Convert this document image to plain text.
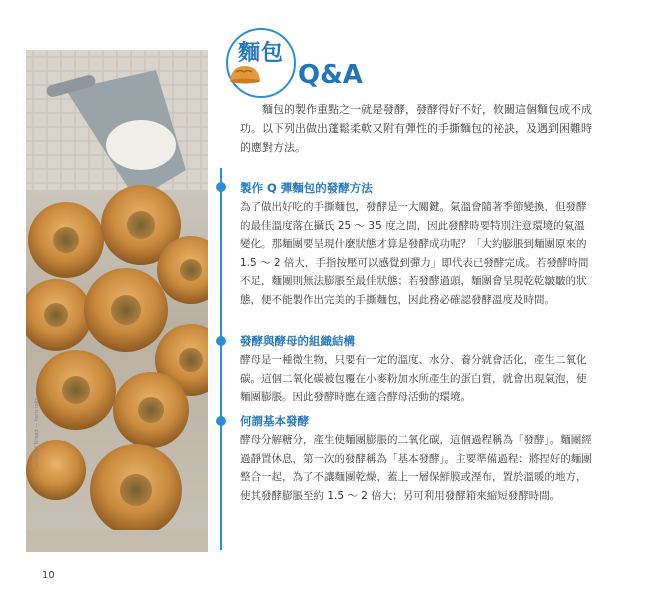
Pull-Apart Bread — herb rolls
麵包
Q&A

麵包的製作重點之一就是發酵，發酵得好不好，攸關這個麵包成不成功。以下列出做出蓬鬆柔軟又附有彈性的手撕麵包的祕訣，及遇到困難時的應對方法。

製作 Q 彈麵包的發酵方法

為了做出好吃的手撕麵包，發酵是一大關鍵。氣溫會隨著季節變換，但發酵的最佳溫度落在攝氏 25 ～ 35 度之間，因此發酵時要特別注意環境的氣溫變化。那麵團要呈現什麼狀態才算是發酵成功呢？「大約膨脹到麵團原來的 1.5 ～ 2 倍大，手指按壓可以感覺到彈力」即代表已發酵完成。若發酵時間不足，麵團則無法膨脹至最佳狀態；若發酵過頭，麵團會呈現乾乾皺皺的狀態，便不能製作出完美的手撕麵包，因此務必確認發酵溫度及時間。

發酵與酵母的組織結構

酵母是一種微生物，只要有一定的溫度、水分、養分就會活化，產生二氧化碳。這個二氧化碳被包覆在小麥粉加水所產生的蛋白質，就會出現氣泡，使麵團膨脹。因此發酵時應在適合酵母活動的環境。

何謂基本發酵

酵母分解糖分，產生使麵團膨脹的二氧化碳，這個過程稱為「發酵」。麵團經過靜置休息，第一次的發酵稱為「基本發酵」。主要準備過程：將捏好的麵團整合一起，為了不讓麵團乾燥，蓋上一層保鮮膜或溼布，置於溫暖的地方，使其發酵膨脹至約 1.5 ～ 2 倍大；另可利用發酵箱來縮短發酵時間。

10
